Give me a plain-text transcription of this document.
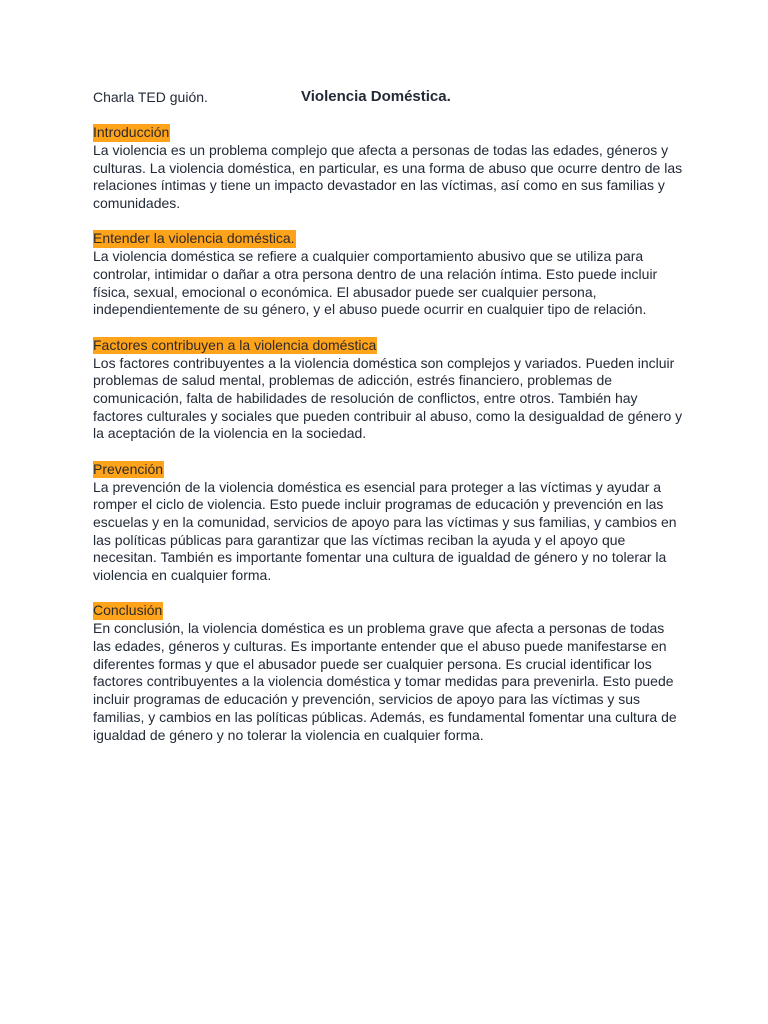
Charla TED guión.	Violencia Doméstica.
Introducción

La violencia es un problema complejo que afecta a personas de todas las edades, géneros y culturas. La violencia doméstica, en particular, es una forma de abuso que ocurre dentro de las relaciones íntimas y tiene un impacto devastador en las víctimas, así como en sus familias y comunidades.

Entender la violencia doméstica.

La violencia doméstica se refiere a cualquier comportamiento abusivo que se utiliza para controlar, intimidar o dañar a otra persona dentro de una relación íntima. Esto puede incluir física, sexual, emocional o económica. El abusador puede ser cualquier persona, independientemente de su género, y el abuso puede ocurrir en cualquier tipo de relación.

Factores contribuyen a la violencia doméstica

Los factores contribuyentes a la violencia doméstica son complejos y variados. Pueden incluir problemas de salud mental, problemas de adicción, estrés financiero, problemas de comunicación, falta de habilidades de resolución de conflictos, entre otros. También hay factores culturales y sociales que pueden contribuir al abuso, como la desigualdad de género y la aceptación de la violencia en la sociedad.

Prevención

La prevención de la violencia doméstica es esencial para proteger a las víctimas y ayudar a romper el ciclo de violencia. Esto puede incluir programas de educación y prevención en las escuelas y en la comunidad, servicios de apoyo para las víctimas y sus familias, y cambios en las políticas públicas para garantizar que las víctimas reciban la ayuda y el apoyo que necesitan. También es importante fomentar una cultura de igualdad de género y no tolerar la violencia en cualquier forma.

Conclusión

En conclusión, la violencia doméstica es un problema grave que afecta a personas de todas las edades, géneros y culturas. Es importante entender que el abuso puede manifestarse en diferentes formas y que el abusador puede ser cualquier persona. Es crucial identificar los factores contribuyentes a la violencia doméstica y tomar medidas para prevenirla. Esto puede incluir programas de educación y prevención, servicios de apoyo para las víctimas y sus familias, y cambios en las políticas públicas. Además, es fundamental fomentar una cultura de igualdad de género y no tolerar la violencia en cualquier forma.
